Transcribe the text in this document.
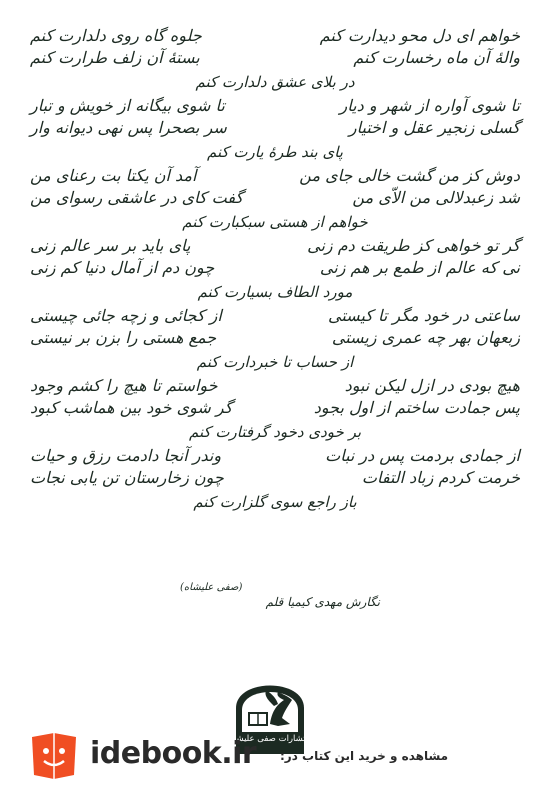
خواهم ای دل محو دیدارت کنم
جلوه گاه روی دلدارت کنم
والهٔ آن ماه رخسارت کنم
بستهٔ آن زلف طرارت کنم
در بلای عشق دلدارت کنم
تا شوی آواره از شهر و دیار
تا شوی بیگانه از خویش و تبار
گسلی زنجیر عقل و اختیار
سر بصحرا پس نهی دیوانه وار
پای بند طرهٔ یارت کنم
دوش کز من گشت خالی جای من
آمد آن یکتا بت رعنای من
شد زعبدلالی من الاّی من
گفت کای در عاشقی رسوای من
خواهم از هستی سبکبارت کنم
گر تو خواهی کز طریقت دم زنی
پای باید بر سر عالم زنی
نی که عالم از طمع بر هم زنی
چون دم از آمال دنیا کم زنی
مورد الطاف بسیارت کنم
ساعتی در خود مگر تا کیستی
از کجائی و زچه جائی چیستی
زبعهان بهر چه عمری زیستی
جمع هستی را بزن بر نیستی
از حساب تا خبردارت کنم
هیچ بودی در ازل لیکن نبود
خواستم تا هیچ را کشم وجود
پس جمادت ساختم از اول بجود
گر شوی خود بین هماشب کبود
بر خودی دخود گرفتارت کنم
از جمادی بردمت پس در نبات
وندر آنجا دادمت رزق و حیات
خرمت کردم زباد التفات
چون زخارستان تن یابی نجات
باز راجع سوی گلزارت کنم
(صفی علیشاه)
نگارش مهدی کیمیا قلم
انتشارات صفی علیشاه
idebook.ir مشاهده و خرید این کتاب در:
